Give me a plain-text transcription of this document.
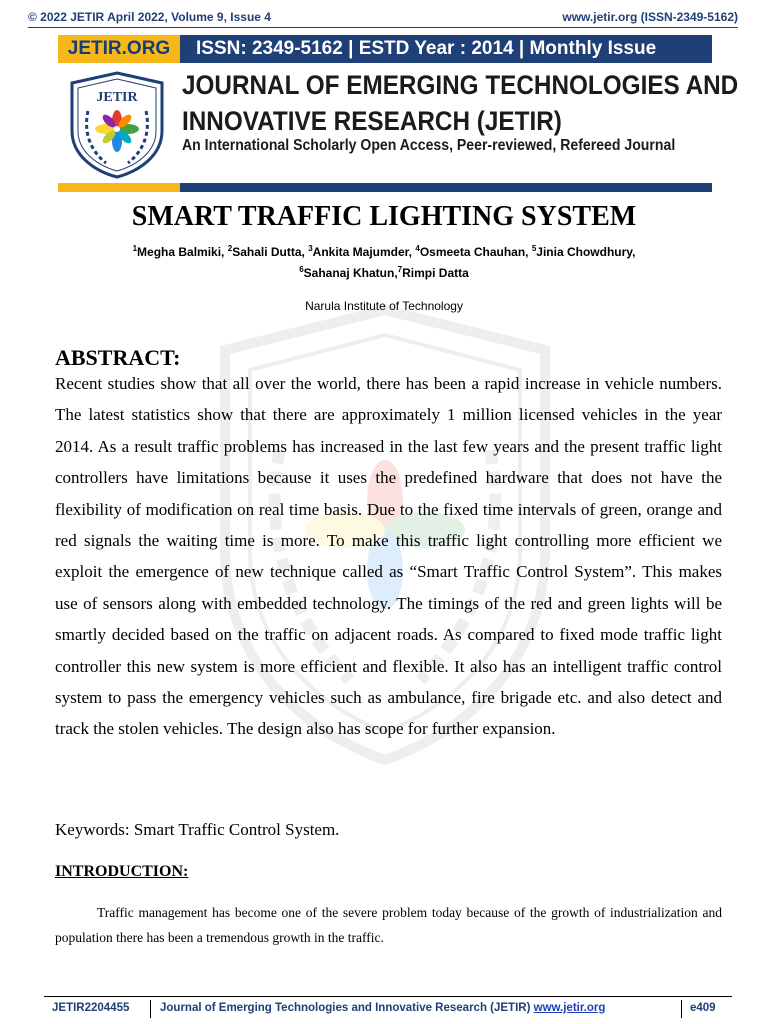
© 2022 JETIR April 2022, Volume 9, Issue 4	www.jetir.org (ISSN-2349-5162)
JETIR.ORG	ISSN: 2349-5162 | ESTD Year : 2014 | Monthly Issue
JETIR JOURNAL OF EMERGING TECHNOLOGIES AND
INNOVATIVE RESEARCH (JETIR)
An International Scholarly Open Access, Peer-reviewed, Refereed Journal
SMART TRAFFIC LIGHTING SYSTEM
$^1$Megha Balmiki, $^2$Sahali Dutta, $^3$Ankita Majumder, $^4$Osmeeta Chauhan, $^5$Jinia Chowdhury,
$^6$Sahanaj Khatun,$^7$Rimpi Datta
Narula Institute of Technology
ABSTRACT:
Recent studies show that all over the world, there has been a rapid increase in vehicle numbers. The latest statistics show that there are approximately 1 million licensed vehicles in the year 2014. As a result traffic problems has increased in the last few years and the present traffic light controllers have limitations because it uses the predefined hardware that does not have the flexibility of modification on real time basis. Due to the fixed time intervals of green, orange and red signals the waiting time is more. To make this traffic light controlling more efficient we exploit the emergence of new technique called as “Smart Traffic Control System”. This makes use of sensors along with embedded technology. The timings of the red and green lights will be smartly decided based on the traffic on adjacent roads. As compared to fixed mode traffic light controller this new system is more efficient and flexible. It also has an intelligent traffic control system to pass the emergency vehicles such as ambulance, fire brigade etc. and also detect and track the stolen vehicles. The design also has scope for further expansion.
Keywords: Smart Traffic Control System.
INTRODUCTION:
Traffic management has become one of the severe problem today because of the growth of industrialization and population there has been a tremendous growth in the traffic.
JETIR2204455	Journal of Emerging Technologies and Innovative Research (JETIR) www.jetir.org	e409
